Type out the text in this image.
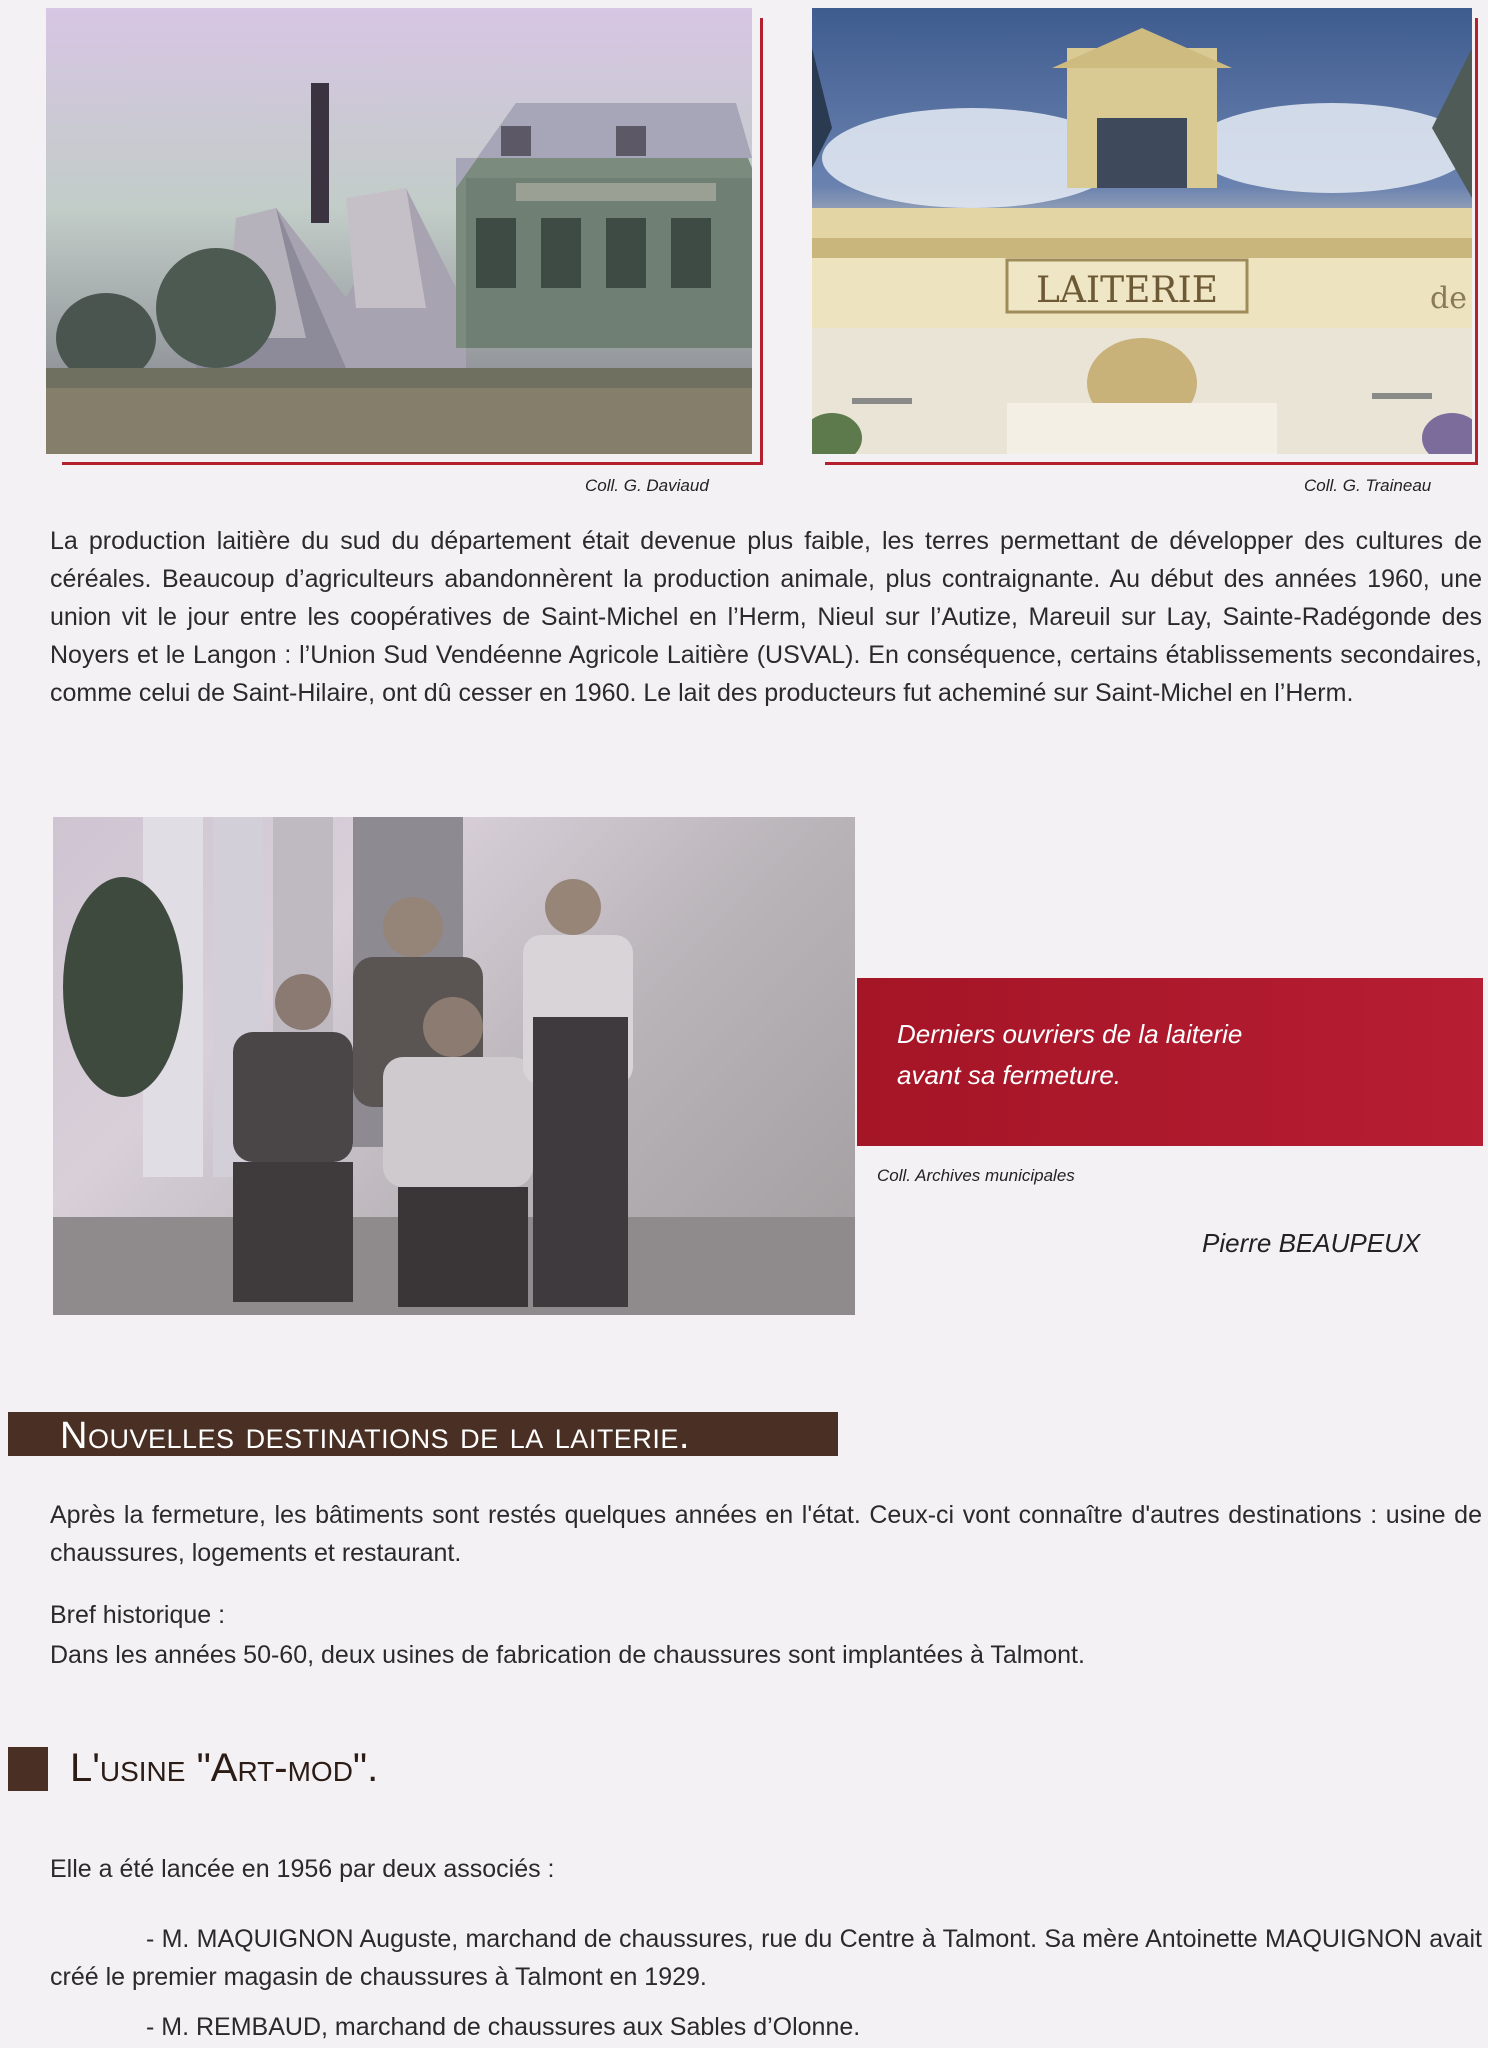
Coll. G. Daviaud
LAITERIE	de
Coll. G. Traineau
La production laitière du sud du département était devenue plus faible, les terres permettant de développer des cultures de céréales. Beaucoup d’agriculteurs abandonnèrent la production animale, plus contraignante. Au début des années 1960, une union vit le jour entre les coopératives de Saint-Michel en l’Herm, Nieul sur l’Autize, Mareuil sur Lay, Sainte-Radégonde des Noyers et le Langon : l’Union Sud Vendéenne Agricole Laitière (USVAL). En conséquence, certains établissements secondaires, comme celui de Saint-Hilaire, ont dû cesser en 1960. Le lait des producteurs fut acheminé sur Saint-Michel en l’Herm.
Derniers ouvriers de la laiterie
avant sa fermeture.
Coll. Archives municipales
Pierre BEAUPEUX
Nouvelles destinations de la laiterie.
Après la fermeture, les bâtiments sont restés quelques années en l'état. Ceux-ci vont connaître d'autres destinations : usine de chaussures, logements et restaurant.
Bref historique :
Dans les années 50-60, deux usines de fabrication de chaussures sont implantées à Talmont.
L'usine "Art-mod".
Elle a été lancée en 1956 par deux associés :
- M. MAQUIGNON Auguste, marchand de chaussures, rue du Centre à Talmont. Sa mère Antoinette MAQUIGNON avait créé le premier magasin de chaussures à Talmont en 1929.
- M. REMBAUD, marchand de chaussures aux Sables d’Olonne.
